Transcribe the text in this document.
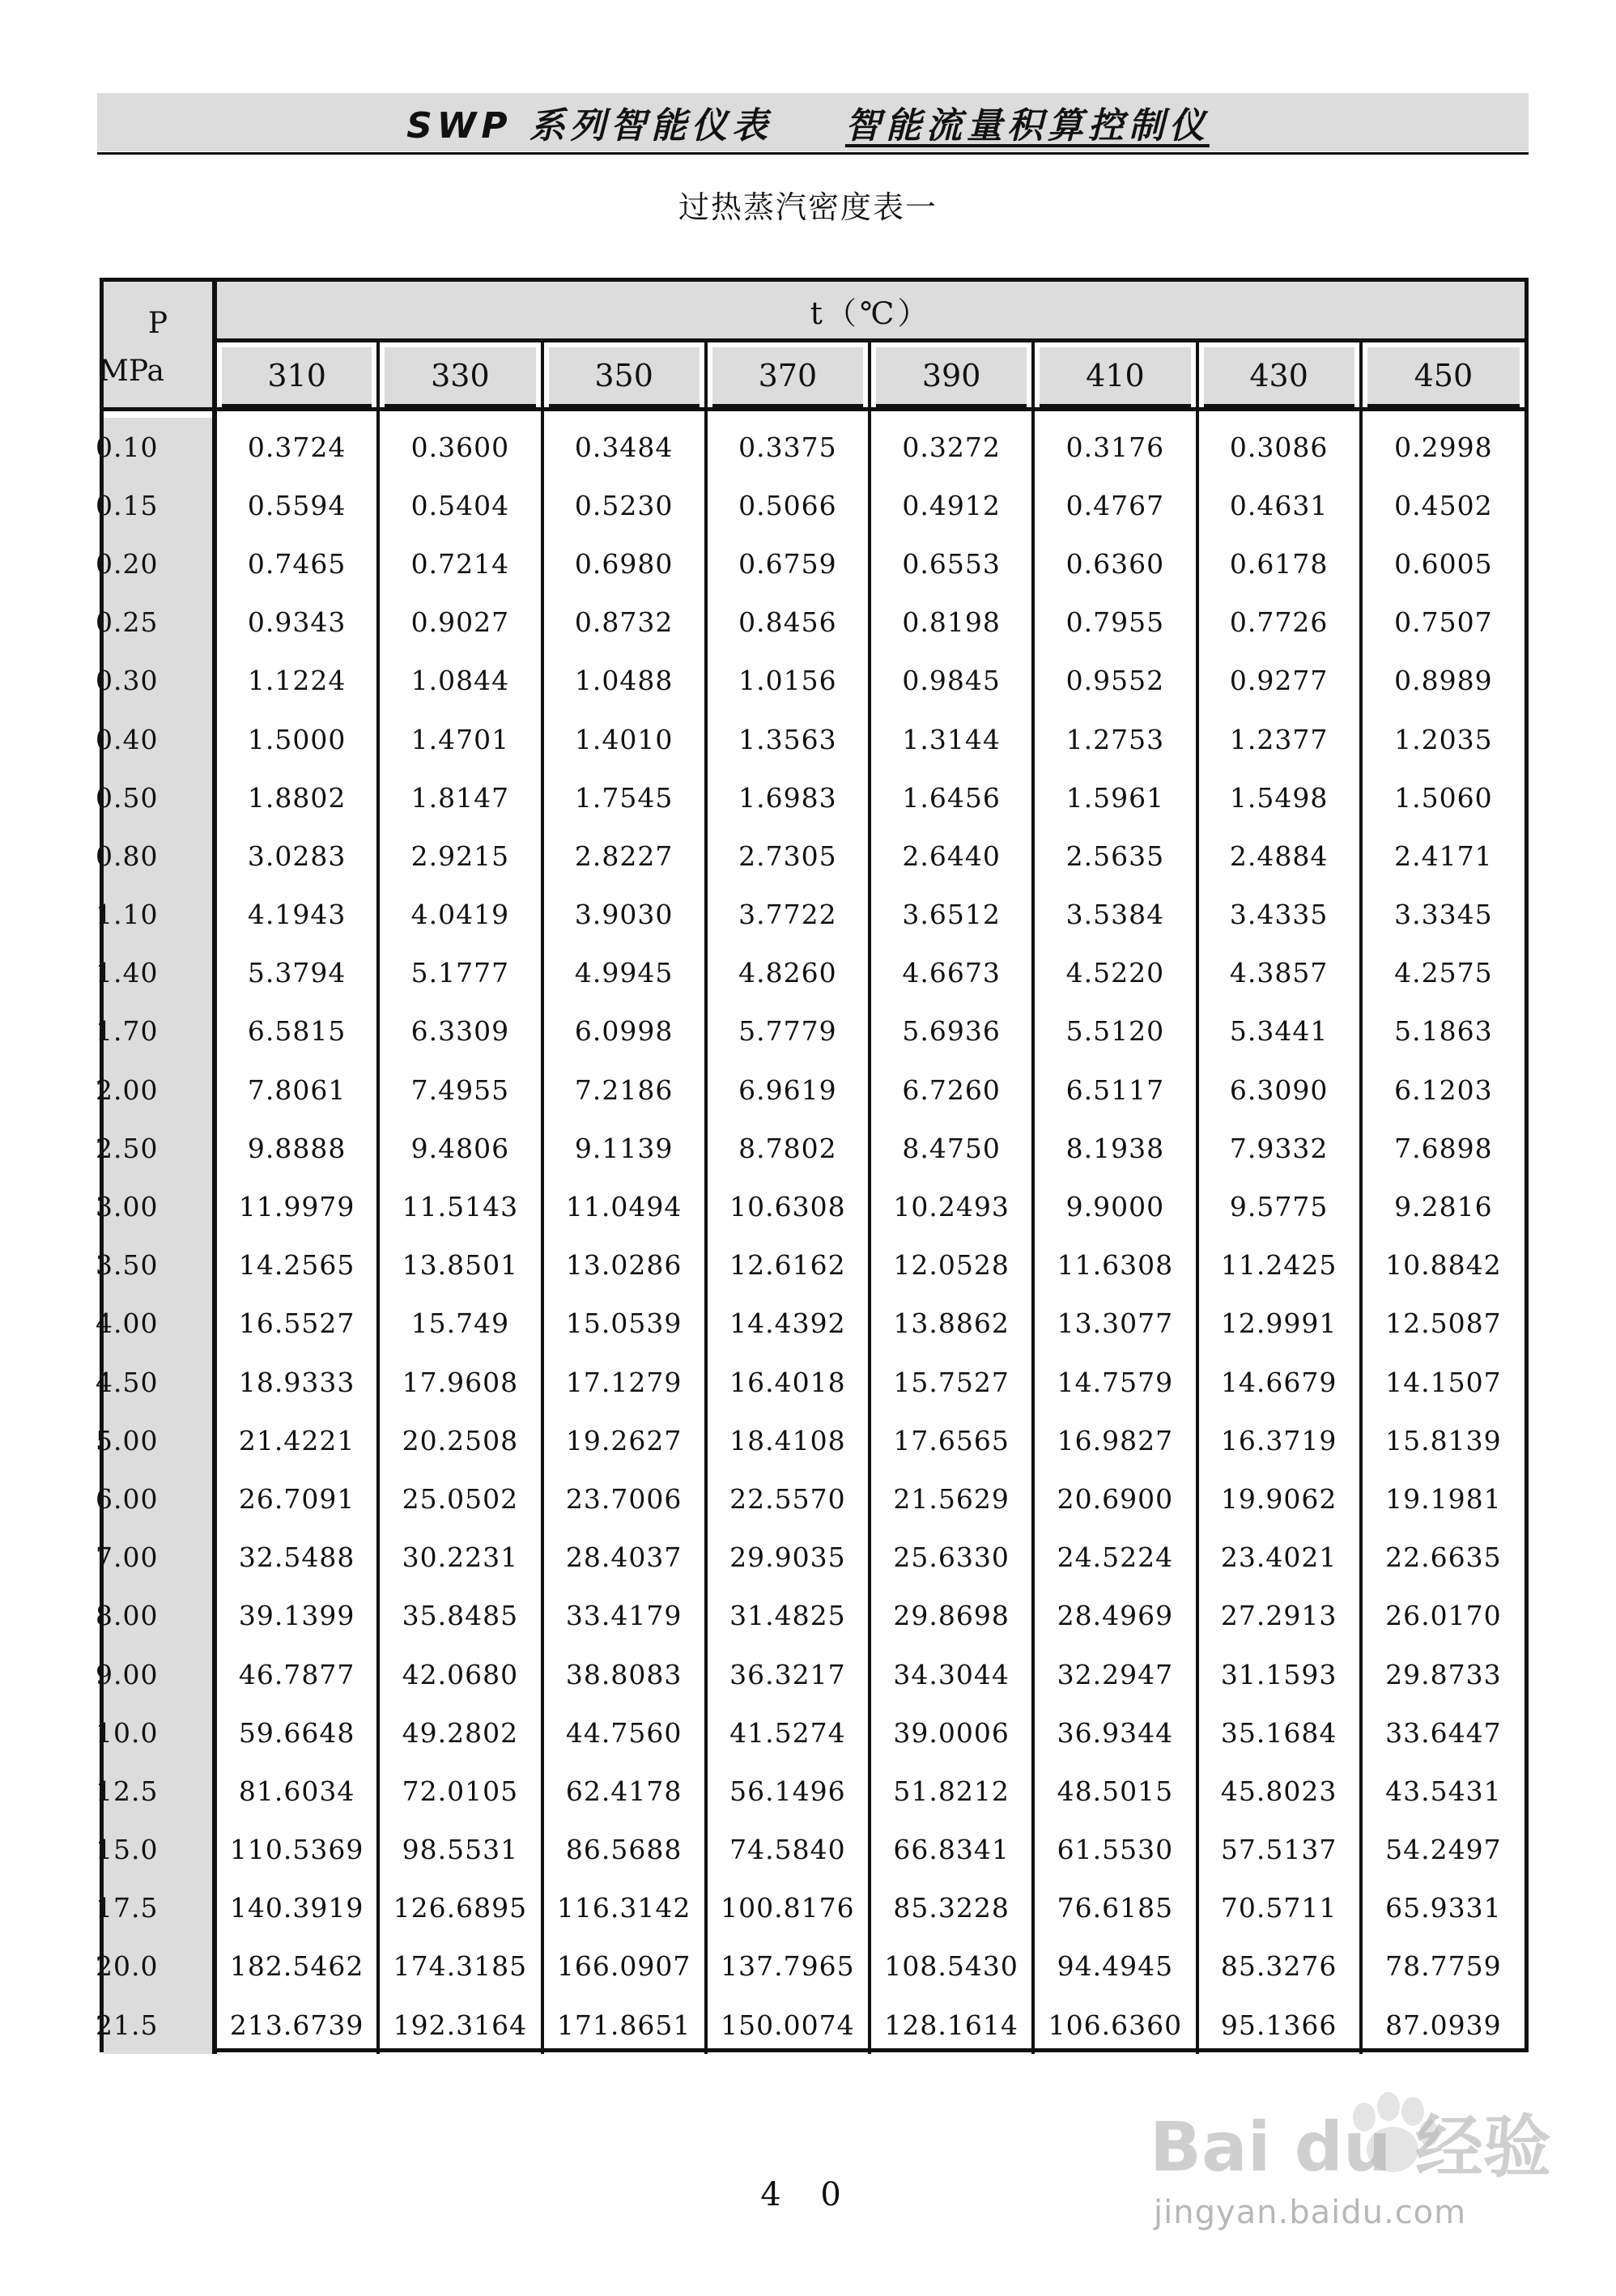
SWP 系列智能仪表 智能流量积算控制仪
过热蒸汽密度表一
P
MPa	t（℃）							

	310	330	350	370	390	410	430	450

0.10	0.3724	0.3600	0.3484	0.3375	0.3272	0.3176	0.3086	0.2998
0.15	0.5594	0.5404	0.5230	0.5066	0.4912	0.4767	0.4631	0.4502
0.20	0.7465	0.7214	0.6980	0.6759	0.6553	0.6360	0.6178	0.6005
0.25	0.9343	0.9027	0.8732	0.8456	0.8198	0.7955	0.7726	0.7507
0.30	1.1224	1.0844	1.0488	1.0156	0.9845	0.9552	0.9277	0.8989
0.40	1.5000	1.4701	1.4010	1.3563	1.3144	1.2753	1.2377	1.2035
0.50	1.8802	1.8147	1.7545	1.6983	1.6456	1.5961	1.5498	1.5060
0.80	3.0283	2.9215	2.8227	2.7305	2.6440	2.5635	2.4884	2.4171
1.10	4.1943	4.0419	3.9030	3.7722	3.6512	3.5384	3.4335	3.3345
1.40	5.3794	5.1777	4.9945	4.8260	4.6673	4.5220	4.3857	4.2575
1.70	6.5815	6.3309	6.0998	5.7779	5.6936	5.5120	5.3441	5.1863
2.00	7.8061	7.4955	7.2186	6.9619	6.7260	6.5117	6.3090	6.1203
2.50	9.8888	9.4806	9.1139	8.7802	8.4750	8.1938	7.9332	7.6898
3.00	11.9979	11.5143	11.0494	10.6308	10.2493	9.9000	9.5775	9.2816
3.50	14.2565	13.8501	13.0286	12.6162	12.0528	11.6308	11.2425	10.8842
4.00	16.5527	15.749	15.0539	14.4392	13.8862	13.3077	12.9991	12.5087
4.50	18.9333	17.9608	17.1279	16.4018	15.7527	14.7579	14.6679	14.1507
5.00	21.4221	20.2508	19.2627	18.4108	17.6565	16.9827	16.3719	15.8139
6.00	26.7091	25.0502	23.7006	22.5570	21.5629	20.6900	19.9062	19.1981
7.00	32.5488	30.2231	28.4037	29.9035	25.6330	24.5224	23.4021	22.6635
8.00	39.1399	35.8485	33.4179	31.4825	29.8698	28.4969	27.2913	26.0170
9.00	46.7877	42.0680	38.8083	36.3217	34.3044	32.2947	31.1593	29.8733
10.0	59.6648	49.2802	44.7560	41.5274	39.0006	36.9344	35.1684	33.6447
12.5	81.6034	72.0105	62.4178	56.1496	51.8212	48.5015	45.8023	43.5431
15.0	110.5369	98.5531	86.5688	74.5840	66.8341	61.5530	57.5137	54.2497
17.5	140.3919	126.6895	116.3142	100.8176	85.3228	76.6185	70.5711	65.9331
20.0	182.5462	174.3185	166.0907	137.7965	108.5430	94.4945	85.3276	78.7759
21.5	213.6739	192.3164	171.8651	150.0074	128.1614	106.6360	95.1366	87.0939
4 0
Bai du 经验
jingyan.baidu.com
